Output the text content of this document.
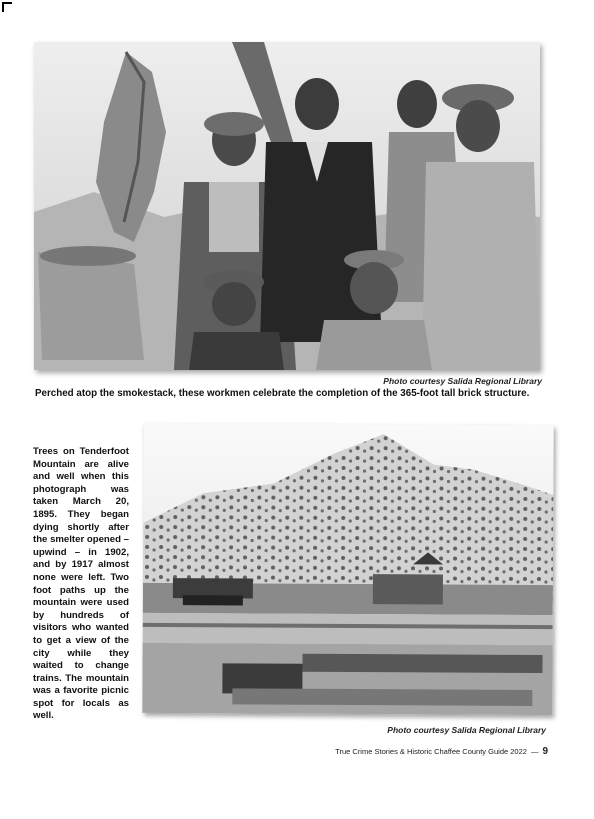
Photo courtesy Salida Regional Library
Perched atop the smokestack, these workmen celebrate the completion of the 365-foot tall brick structure.
Trees on Tenderfoot Mountain are alive and well when this photograph was taken March 20, 1895. They began dying shortly after the smelter opened – upwind – in 1902, and by 1917 almost none were left. Two foot paths up the mountain were used by hundreds of visitors who wanted to get a view of the city while they waited to change trains. The mountain was a favorite picnic spot for locals as well.
Photo courtesy Salida Regional Library
True Crime Stories & Historic Chaffee County Guide 2022 — 9
